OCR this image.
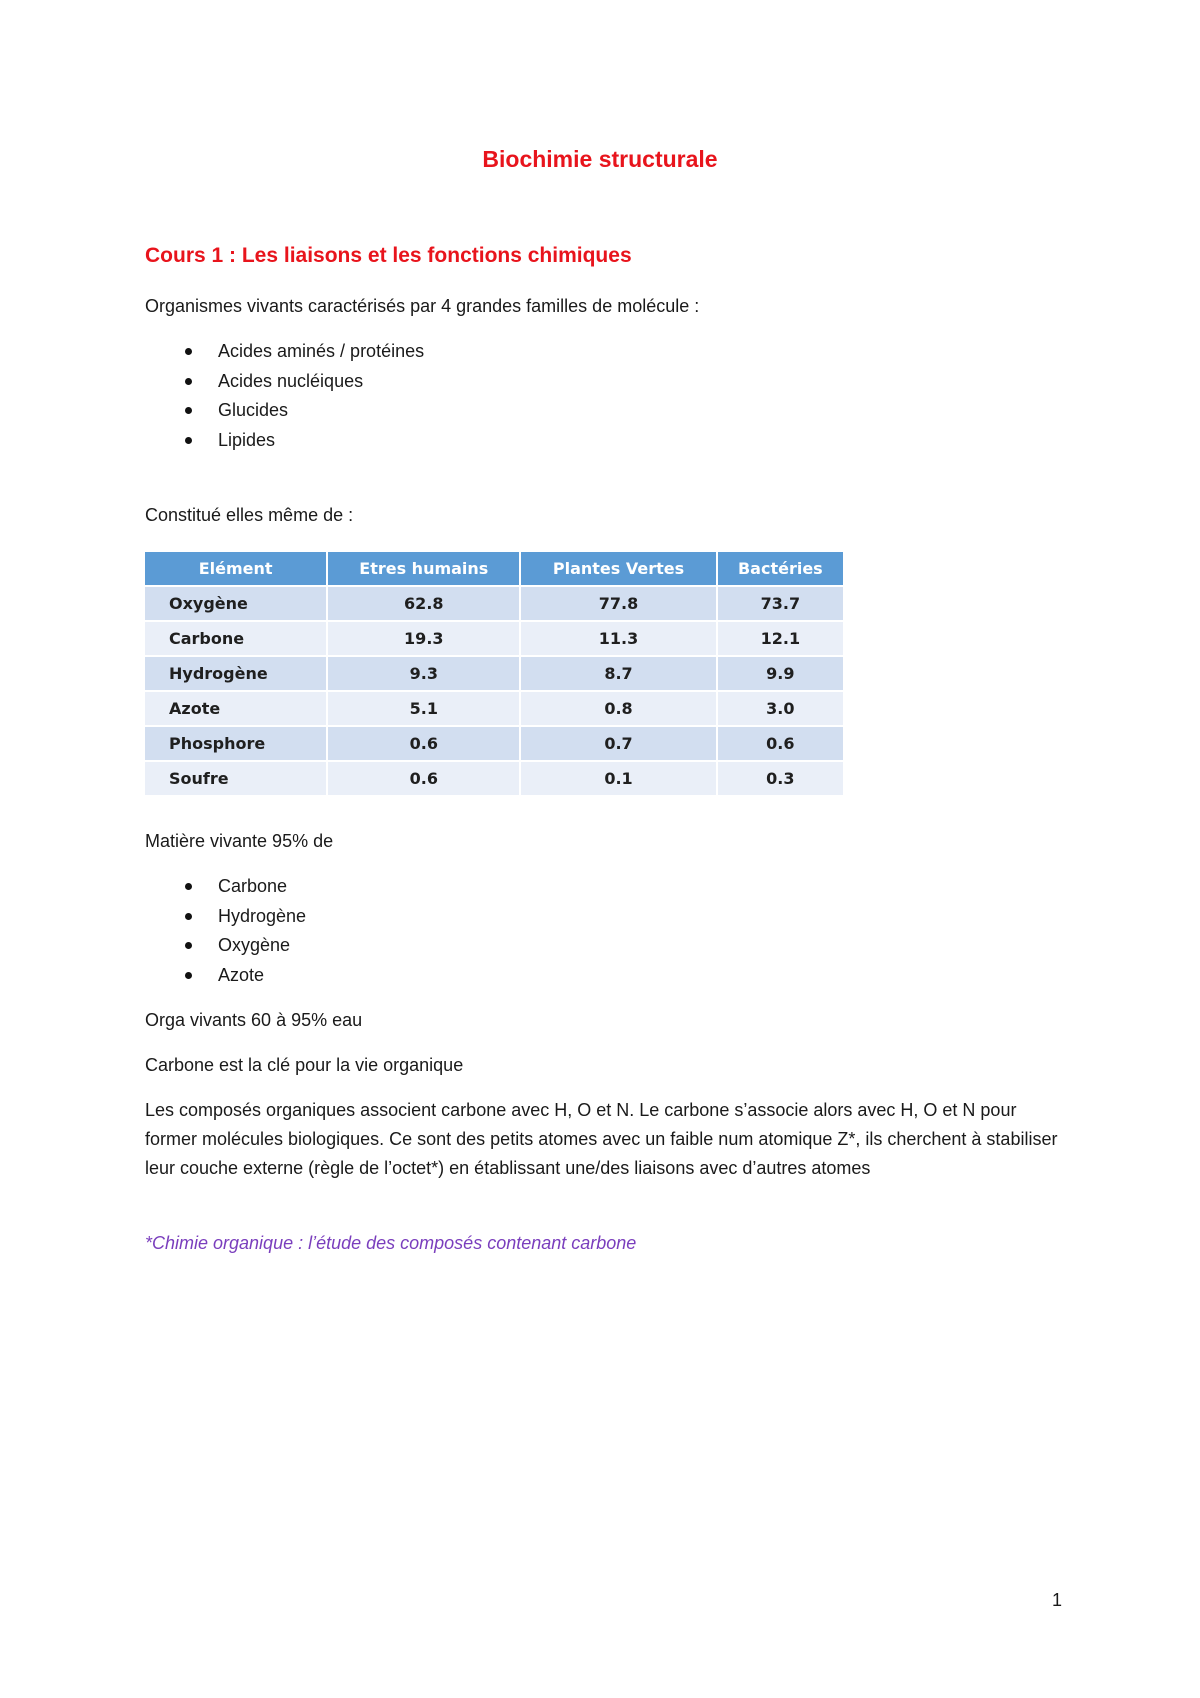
Biochimie structurale
Cours 1 : Les liaisons et les fonctions chimiques

Organismes vivants caractérisés par 4 grandes familles de molécule :

Acides aminés / protéines
Acides nucléiques
Glucides
Lipides

Constitué elles même de :

Elément	Etres humains	Plantes Vertes	Bactéries
Oxygène	62.8	77.8	73.7
Carbone	19.3	11.3	12.1
Hydrogène	9.3	8.7	9.9
Azote	5.1	0.8	3.0
Phosphore	0.6	0.7	0.6
Soufre	0.6	0.1	0.3

Matière vivante 95% de

Carbone
Hydrogène
Oxygène
Azote

Orga vivants 60 à 95% eau

Carbone est la clé pour la vie organique

Les composés organiques associent carbone avec H, O et N. Le carbone s’associe alors avec H, O et N pour former molécules biologiques. Ce sont des petits atomes avec un faible num atomique Z*, ils cherchent à stabiliser leur couche externe (règle de l’octet*) en établissant une/des liaisons avec d’autres atomes

*Chimie organique : l’étude des composés contenant carbone

1
